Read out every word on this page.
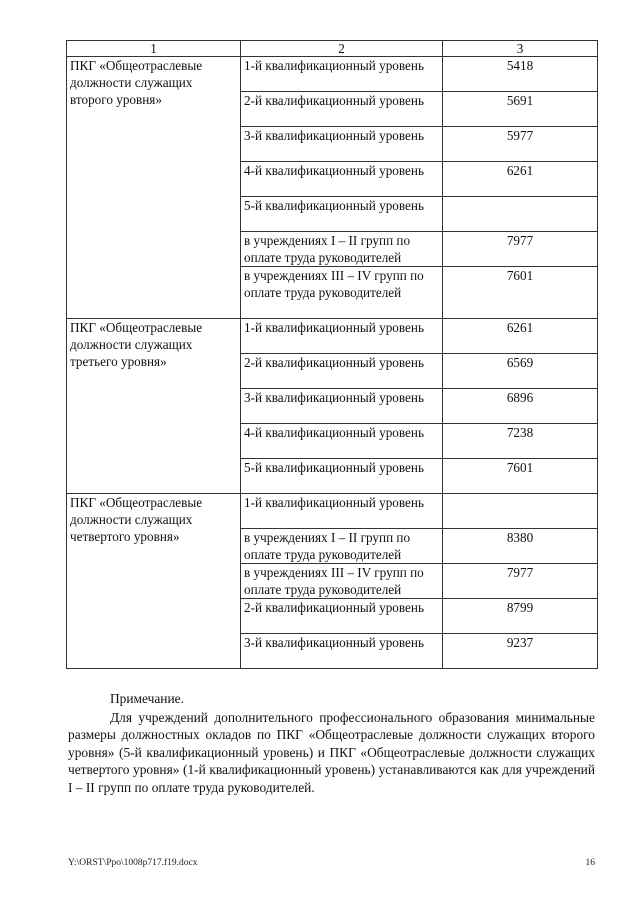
1	2	3
ПКГ «Общеотраслевые должности служащих второго уровня»	1-й квалификационный уровень	5418
	2-й квалификационный уровень	5691
	3-й квалификационный уровень	5977
	4-й квалификационный уровень	6261
	5-й квалификационный уровень	
	в учреждениях I – II групп по оплате труда руководителей	7977
	в учреждениях III – IV групп по оплате труда руководителей	7601
ПКГ «Общеотраслевые должности служащих третьего уровня»	1-й квалификационный уровень	6261
	2-й квалификационный уровень	6569
	3-й квалификационный уровень	6896
	4-й квалификационный уровень	7238
	5-й квалификационный уровень	7601
ПКГ «Общеотраслевые должности служащих четвертого уровня»	1-й квалификационный уровень	
	в учреждениях I – II групп по оплате труда руководителей	8380
	в учреждениях III – IV групп по оплате труда руководителей	7977
	2-й квалификационный уровень	8799
	3-й квалификационный уровень	9237

Примечание.

Для учреждений дополнительного профессионального образования минимальные размеры должностных окладов по ПКГ «Общеотраслевые должности служащих второго уровня» (5-й квалификационный уровень) и ПКГ «Общеотраслевые должности служащих четвертого уровня» (1-й квалификационный уровень) устанавливаются как для учреждений I – II групп по оплате труда руководителей.

Y:\ORST\Ppo\1008p717.f19.docx	16
